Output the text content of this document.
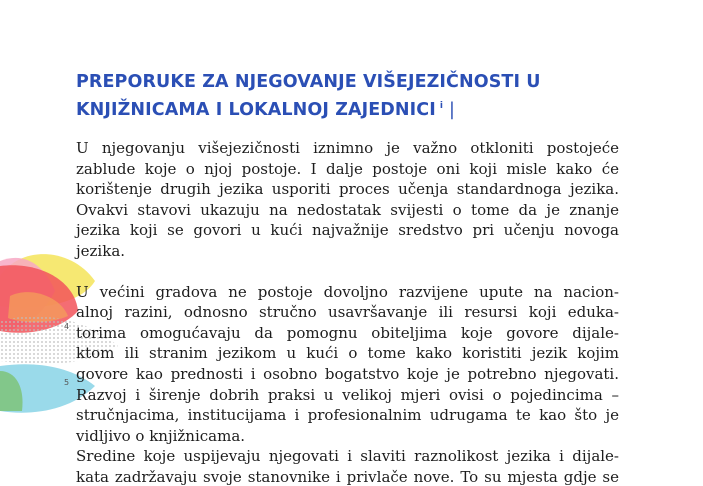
PREPORUKE ZA NJEGOVANJE VIŠEJEZIČNOSTI U
KNJIŽNICAMA I LOKALNOJ ZAJEDNICI $^i$ |
4
5

U njegovanju višejezičnosti iznimno je važno otkloniti postojeće
zablude koje o njoj postoje. I dalje postoje oni koji misle kako će
korištenje drugih jezika usporiti proces učenja standardnoga jezika.
Ovakvi stavovi ukazuju na nedostatak svijesti o tome da je znanje
jezika koji se govori u kući najvažnije sredstvo pri učenju novoga
jezika.

U većini gradova ne postoje dovoljno razvijene upute na nacion-
alnoj razini, odnosno stručno usavršavanje ili resursi koji eduka-
torima omogućavaju da pomognu obiteljima koje govore dijale-
ktom ili stranim jezikom u kući o tome kako koristiti jezik kojim
govore kao prednosti i osobno bogatstvo koje je potrebno njegovati.
Razvoj i širenje dobrih praksi u velikoj mjeri ovisi o pojedincima –
stručnjacima, institucijama i profesionalnim udrugama te kao što je
vidljivo o knjižnicama.

Sredine koje uspijevaju njegovati i slaviti raznolikost jezika i dijale-
kata zadržavaju svoje stanovnike i privlače nove. To su mjesta gdje se
